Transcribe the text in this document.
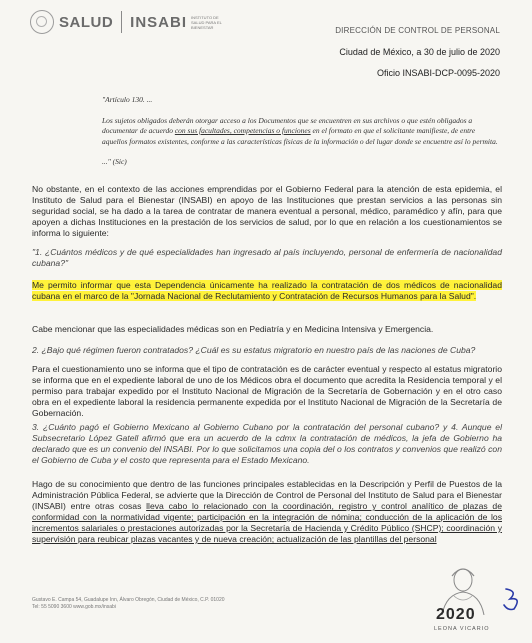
SALUD INSABI INSTITUTO DE SALUD PARA EL BIENESTAR	DIRECCIÓN DE CONTROL DE PERSONAL
Ciudad de México, a 30 de julio de 2020
Oficio INSABI-DCP-0095-2020
"Artículo 130. ...
Los sujetos obligados deberán otorgar acceso a los Documentos que se encuentren en sus archivos o que estén obligados a documentar de acuerdo con sus facultades, competencias o funciones en el formato en que el solicitante manifieste, de entre aquellos formatos existentes, conforme a las características físicas de la información o del lugar donde se encuentre así lo permita.
..." (Sic)

No obstante, en el contexto de las acciones emprendidas por el Gobierno Federal para la atención de esta epidemia, el Instituto de Salud para el Bienestar (INSABI) en apoyo de las Instituciones que prestan servicios a las personas sin seguridad social, se ha dado a la tarea de contratar de manera eventual a personal, médico, paramédico y afín, para que apoyen a dichas Instituciones en la prestación de los servicios de salud, por lo que en relación a los cuestionamientos se informa lo siguiente:

"1. ¿Cuántos médicos y de qué especialidades han ingresado al país incluyendo, personal de enfermería de nacionalidad cubana?"

Me permito informar que esta Dependencia únicamente ha realizado la contratación de dos médicos de nacionalidad cubana en el marco de la "Jornada Nacional de Reclutamiento y Contratación de Recursos Humanos para la Salud".

Cabe mencionar que las especialidades médicas son en Pediatría y en Medicina Intensiva y Emergencia.

2. ¿Bajo qué régimen fueron contratados? ¿Cuál es su estatus migratorio en nuestro país de las naciones de Cuba?

Para el cuestionamiento uno se informa que el tipo de contratación es de carácter eventual y respecto al estatus migratorio se informa que en el expediente laboral de uno de los Médicos obra el documento que acredita la Residencia temporal y el permiso para trabajar expedido por el Instituto Nacional de Migración de la Secretaría de Gobernación y en el otro caso obra en el expediente laboral la residencia permanente expedida por el Instituto Nacional de Migración de la Secretaría de Gobernación.

3. ¿Cuánto pagó el Gobierno Mexicano al Gobierno Cubano por la contratación del personal cubano? y 4. Aunque el Subsecretario López Gatell afirmó que era un acuerdo de la cdmx la contratación de médicos, la jefa de Gobierno ha declarado que es un convenio del INSABI. Por lo que solicitamos una copia del o los contratos y convenios que realizó con el Gobierno de Cuba y el costo que representa para el Estado Mexicano.

Hago de su conocimiento que dentro de las funciones principales establecidas en la Descripción y Perfil de Puestos de la Administración Pública Federal, se advierte que la Dirección de Control de Personal del Instituto de Salud para el Bienestar (INSABI) entre otras cosas lleva cabo lo relacionado con la coordinación, registro y control analítico de plazas de conformidad con la normatividad vigente; participación en la integración de nómina; conducción de la aplicación de los incrementos salariales o prestaciones autorizadas por la Secretaría de Hacienda y Crédito Público (SHCP); coordinación y supervisión para reubicar plazas vacantes y de nueva creación; actualización de las plantillas del personal

Gustavo E. Campa 54, Guadalupe Inn, Álvaro Obregón, Ciudad de México, C.P. 01020
Tel: 55 5090 3600 www.gob.mx/insabi	2020
LEONA VICARIO
